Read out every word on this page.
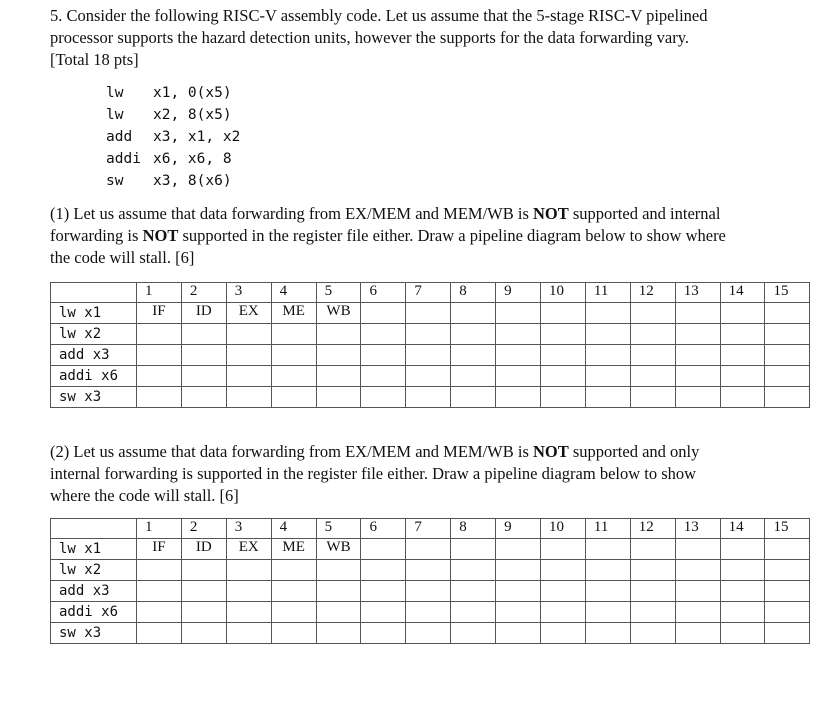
5. Consider the following RISC-V assembly code. Let us assume that the 5-stage RISC-V pipelined
processor supports the hazard detection units, however the supports for the data forwarding vary.
[Total 18 pts]
lw x1, 0(x5)
lw x2, 8(x5)
add x3, x1, x2
addi x6, x6, 8
sw x3, 8(x6)
(1) Let us assume that data forwarding from EX/MEM and MEM/WB is NOT supported and internal
forwarding is NOT supported in the register file either. Draw a pipeline diagram below to show where
the code will stall. [6]
	1	2	3	4	5	6	7	8	9	10	11	12	13	14	15
lw x1	IF	ID	EX	ME	WB										
lw x2															
add x3															
addi x6															
sw x3															
(2) Let us assume that data forwarding from EX/MEM and MEM/WB is NOT supported and only
internal forwarding is supported in the register file either. Draw a pipeline diagram below to show
where the code will stall. [6]
	1	2	3	4	5	6	7	8	9	10	11	12	13	14	15
lw x1	IF	ID	EX	ME	WB										
lw x2															
add x3															
addi x6															
sw x3															
